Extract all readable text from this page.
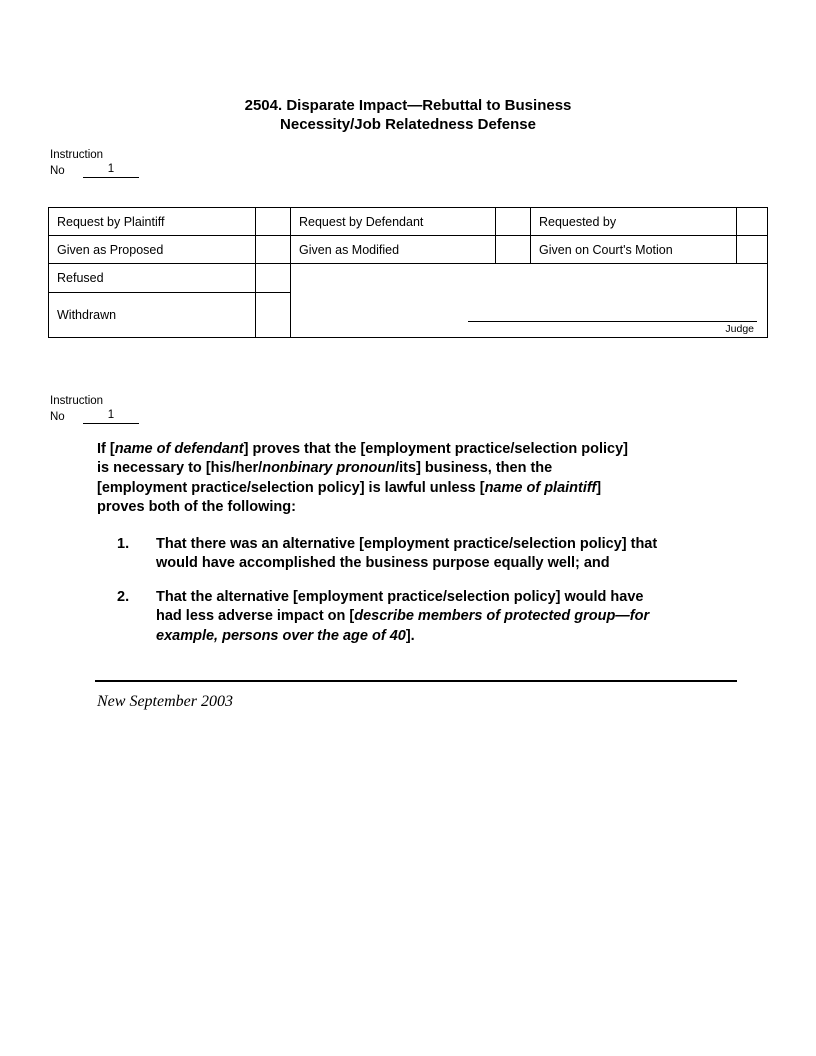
2504. Disparate Impact—Rebuttal to Business
Necessity/Job Relatedness Defense
Instruction
No	1
Request by Plaintiff		Request by Defendant		Requested by	
Given as Proposed		Given as Modified		Given on Court's Motion	
Refused		Judge			

Withdrawn					
Instruction
No	1
If [name of defendant] proves that the [employment practice/selection policy]
is necessary to [his/her/nonbinary pronoun/its] business, then the
[employment practice/selection policy] is lawful unless [name of plaintiff]
proves both of the following:
1.	That there was an alternative [employment practice/selection policy] that
would have accomplished the business purpose equally well; and
2.	That the alternative [employment practice/selection policy] would have
had less adverse impact on [describe members of protected group—for
example, persons over the age of 40].
New September 2003
